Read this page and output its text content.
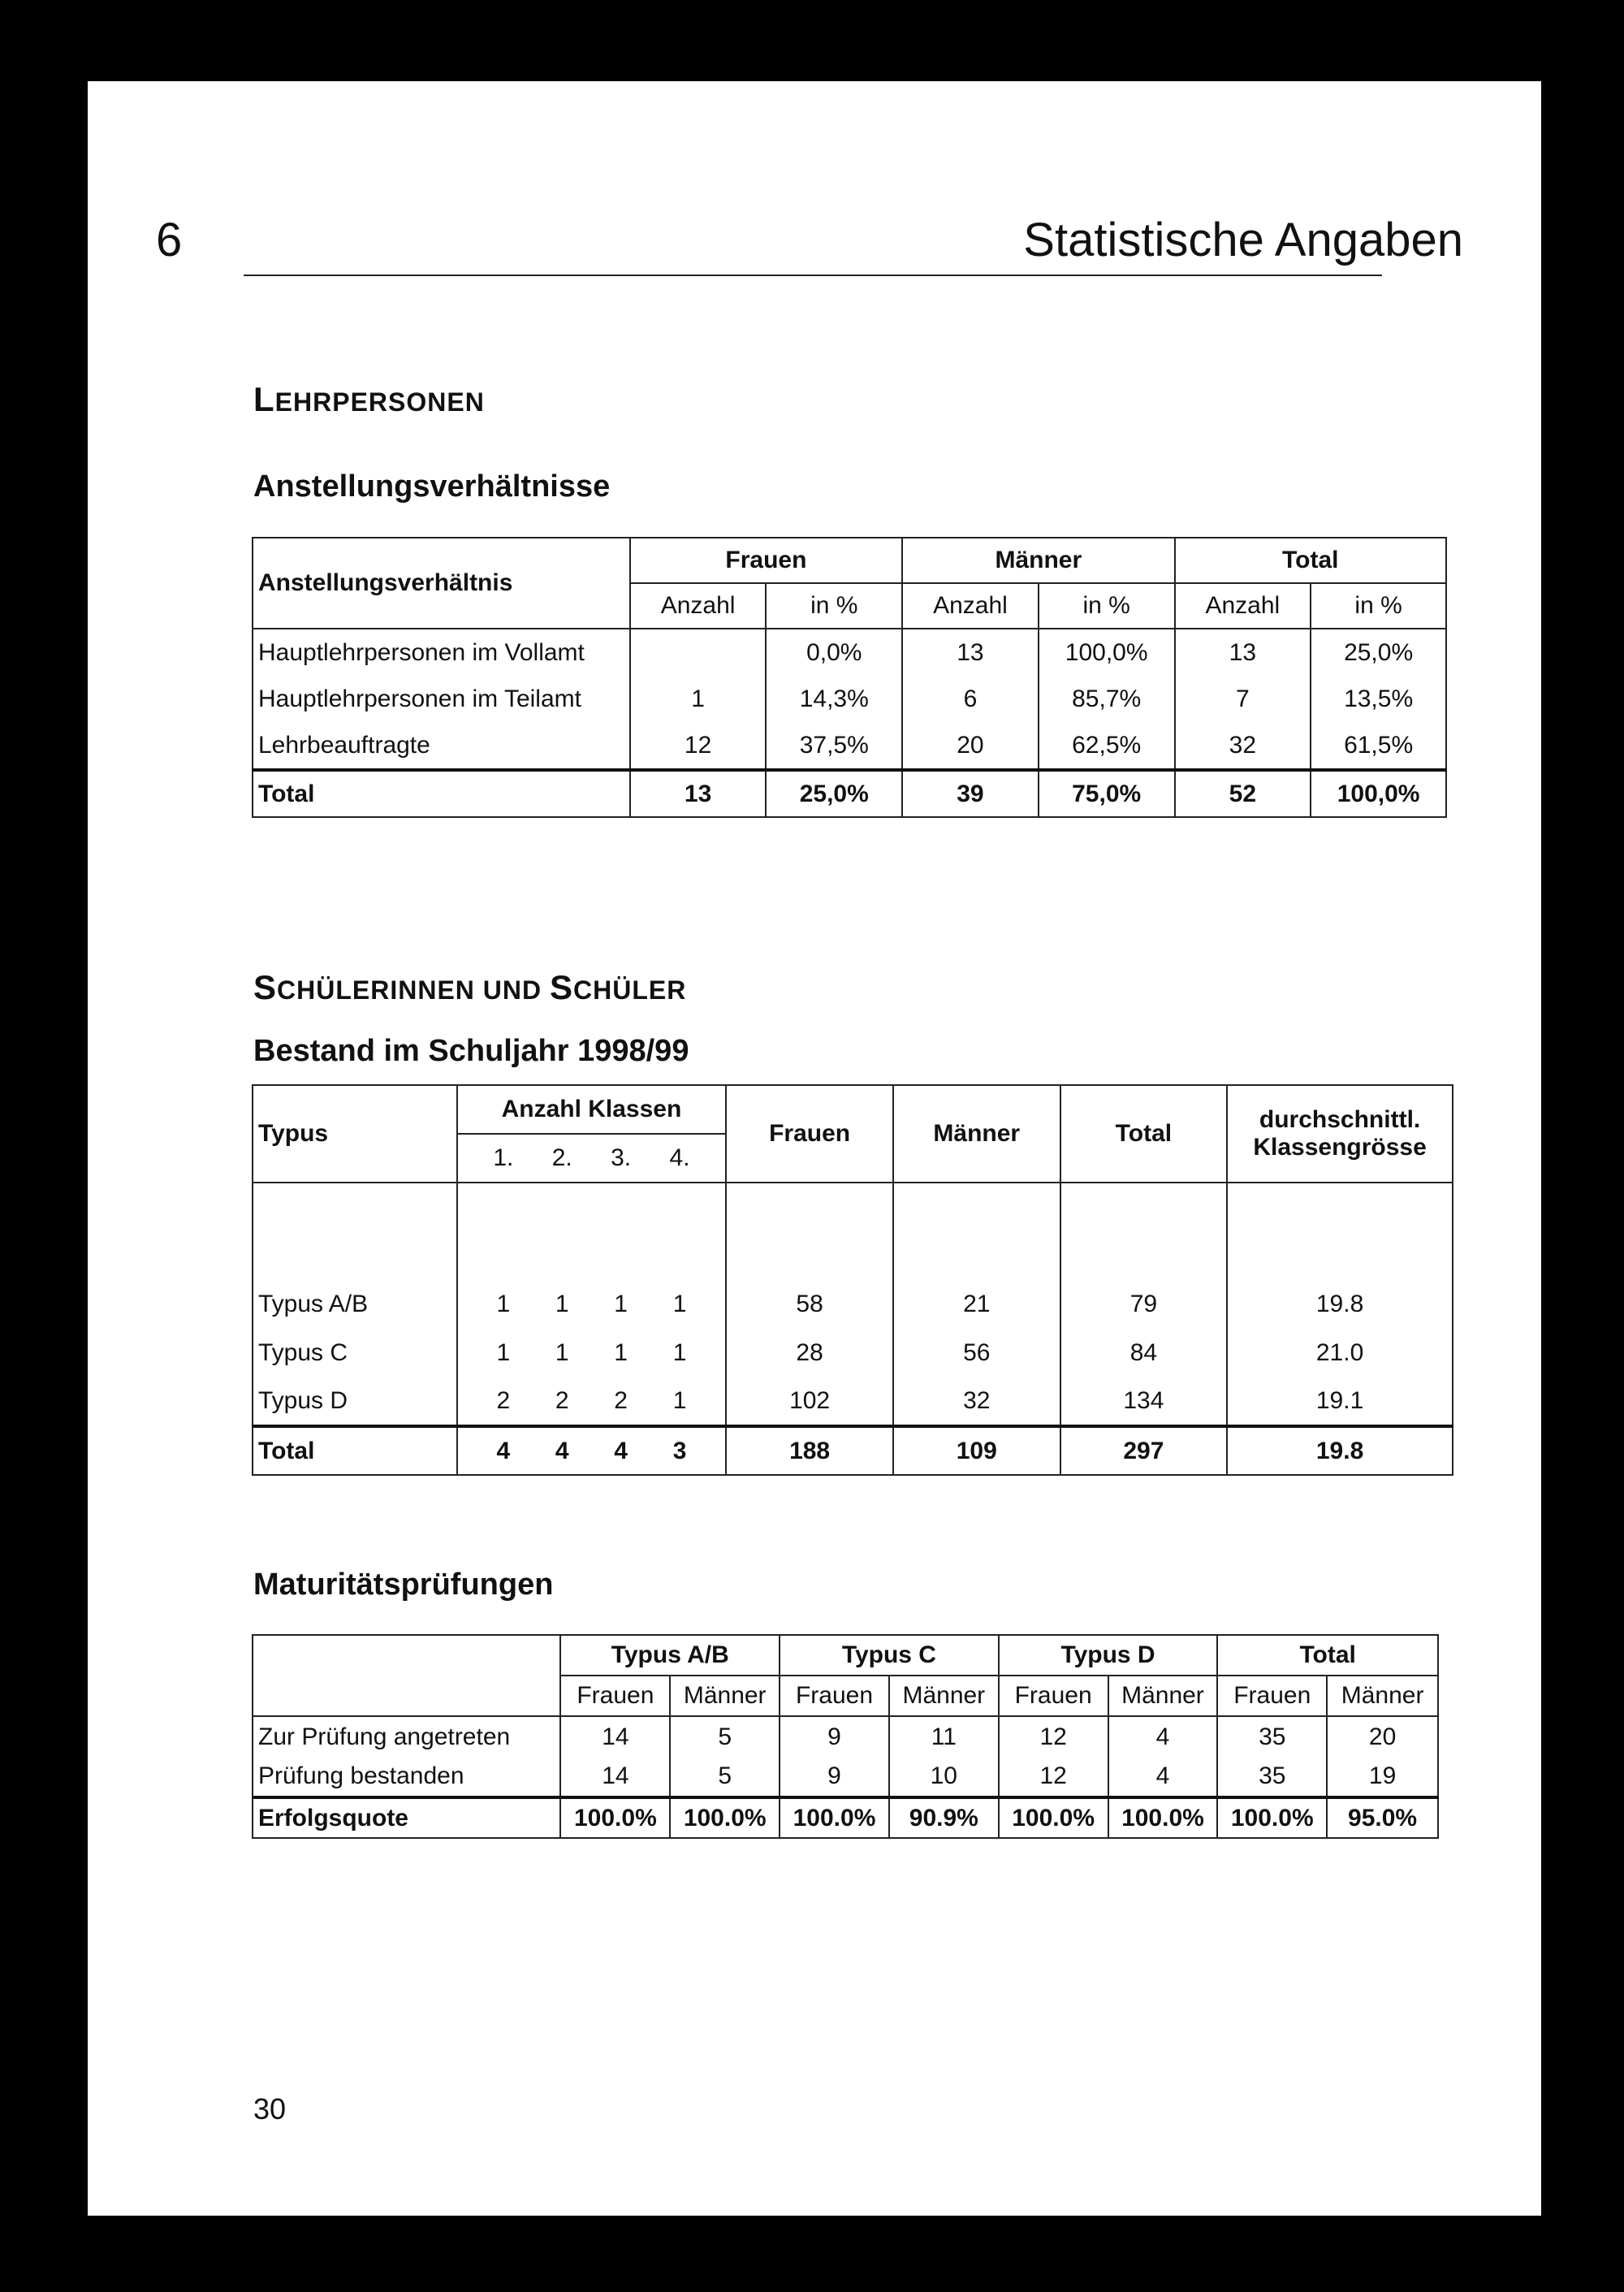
6	Statistische Angaben
LEHRPERSONEN
Anstellungsverhältnisse
Anstellungsverhältnis	Frauen		Männer		Total	
	Anzahl	in %	Anzahl	in %	Anzahl	in %
Hauptlehrpersonen im Vollamt		0,0%	13	100,0%	13	25,0%
Hauptlehrpersonen im Teilamt	1	14,3%	6	85,7%	7	13,5%
Lehrbeauftragte	12	37,5%	20	62,5%	32	61,5%
Total	13	25,0%	39	75,0%	52	100,0%
SCHÜLERINNEN UND SCHÜLER
Bestand im Schuljahr 1998/99
Typus	Anzahl Klassen	Frauen	Männer	Total	durchschnittl.
Klassengrösse

	1. 2. 3. 4.				

Typus A/B	1 1 1 1	58	21	79	19.8
Typus C	1 1 1 1	28	56	84	21.0
Typus D	2 2 2 1	102	32	134	19.1
Total	4 4 4 3	188	109	297	19.8
Maturitätsprüfungen
	Typus A/B		Typus C		Typus D		Total	
	Frauen	Männer	Frauen	Männer	Frauen	Männer	Frauen	Männer
Zur Prüfung angetreten	14	5	9	11	12	4	35	20
Prüfung bestanden	14	5	9	10	12	4	35	19
Erfolgsquote	100.0%	100.0%	100.0%	90.9%	100.0%	100.0%	100.0%	95.0%
30
